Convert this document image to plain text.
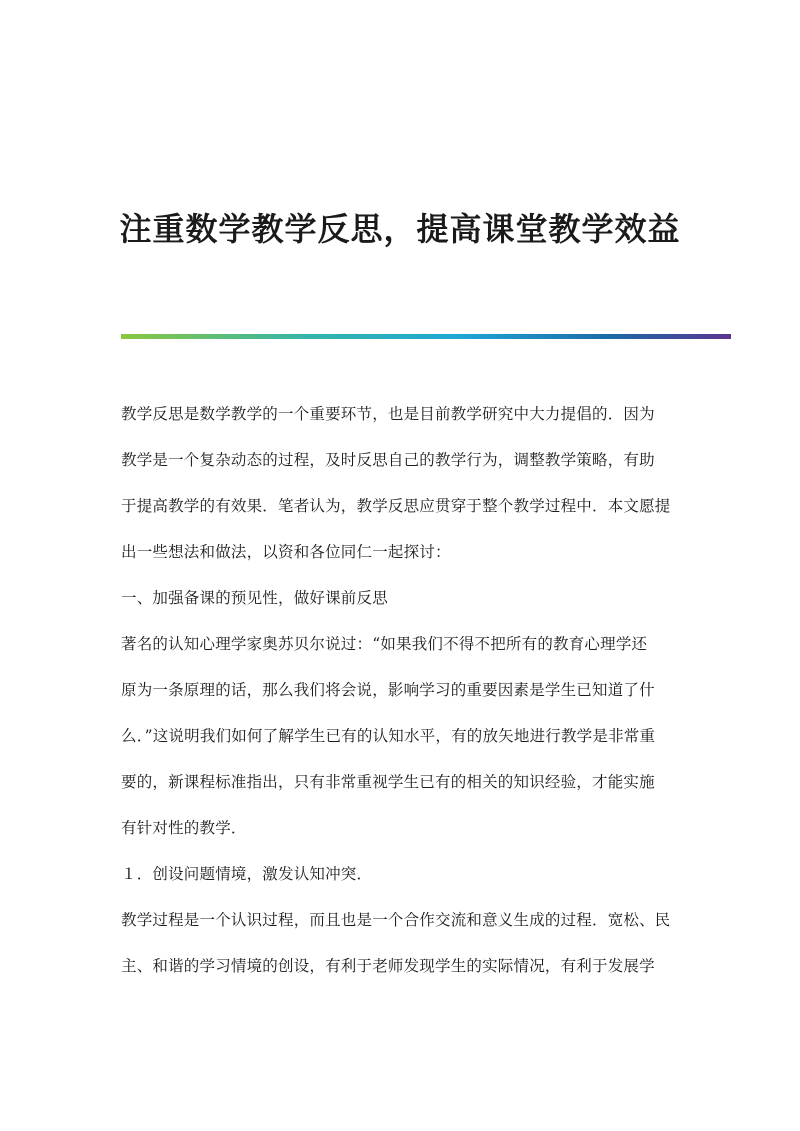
注重数学教学反思，提高课堂教学效益

教学反思是数学教学的一个重要环节，也是目前教学研究中大力提倡的．因为

教学是一个复杂动态的过程，及时反思自己的教学行为，调整教学策略，有助

于提高教学的有效果．笔者认为，教学反思应贯穿于整个教学过程中．本文愿提

出一些想法和做法，以资和各位同仁一起探讨：

一、加强备课的预见性，做好课前反思

著名的认知心理学家奥苏贝尔说过：“如果我们不得不把所有的教育心理学还

原为一条原理的话，那么我们将会说，影响学习的重要因素是学生已知道了什

么．”这说明我们如何了解学生已有的认知水平，有的放矢地进行教学是非常重

要的，新课程标准指出，只有非常重视学生已有的相关的知识经验，才能实施

有针对性的教学．

１．创设问题情境，激发认知冲突．

教学过程是一个认识过程，而且也是一个合作交流和意义生成的过程．宽松、民

主、和谐的学习情境的创设，有利于老师发现学生的实际情况，有利于发展学
